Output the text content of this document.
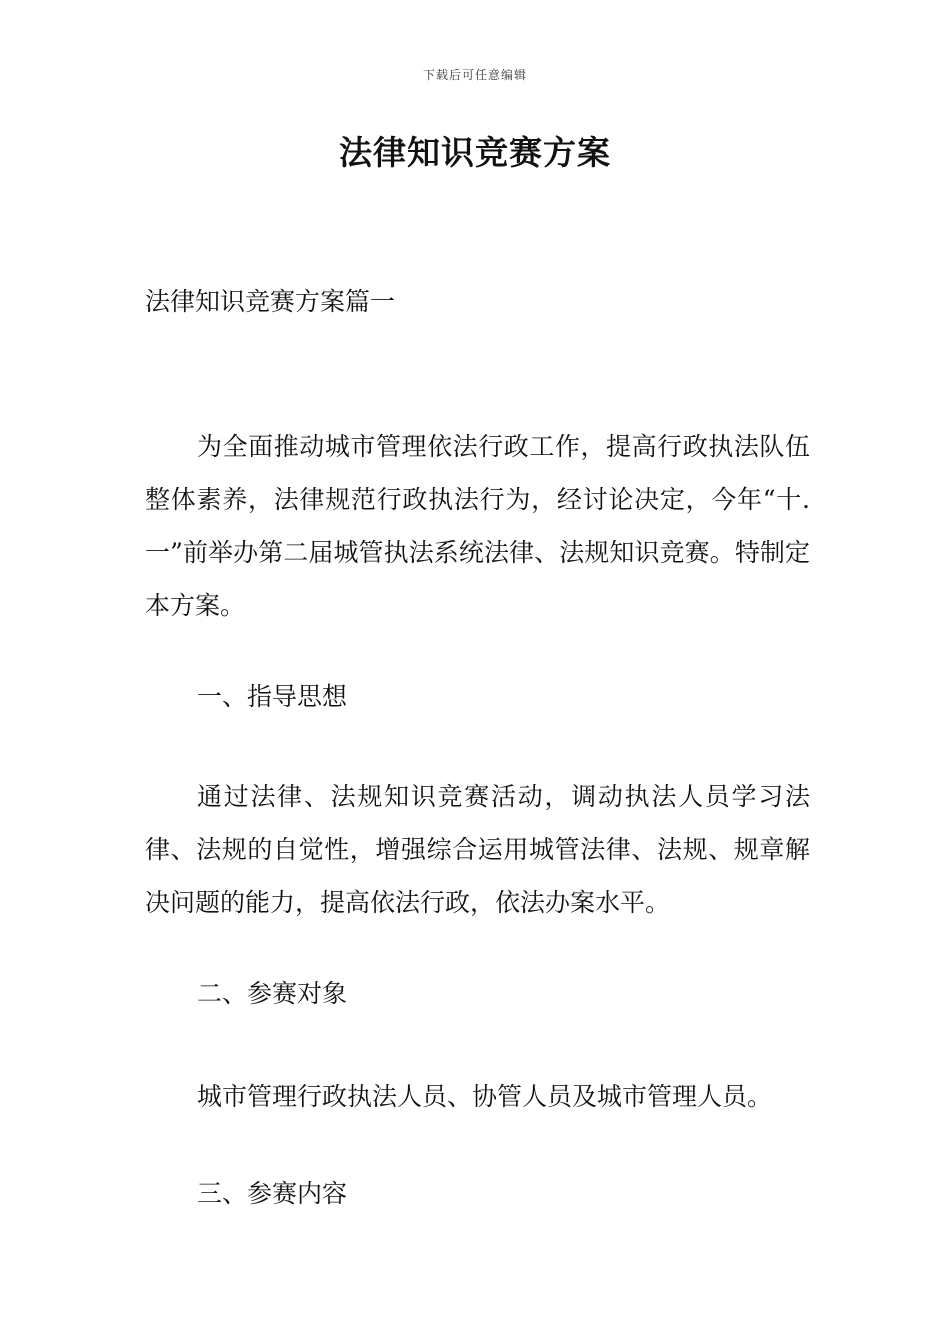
下载后可任意编辑
法律知识竞赛方案

法律知识竞赛方案篇一

为全面推动城市管理依法行政工作，提高行政执法队伍整体素养，法律规范行政执法行为，经讨论决定，今年“十. 一”前举办第二届城管执法系统法律、法规知识竞赛。特制定本方案。

一、指导思想

通过法律、法规知识竞赛活动，调动执法人员学习法律、法规的自觉性，增强综合运用城管法律、法规、规章解决问题的能力，提高依法行政，依法办案水平。

二、参赛对象

城市管理行政执法人员、协管人员及城市管理人员。

三、参赛内容
